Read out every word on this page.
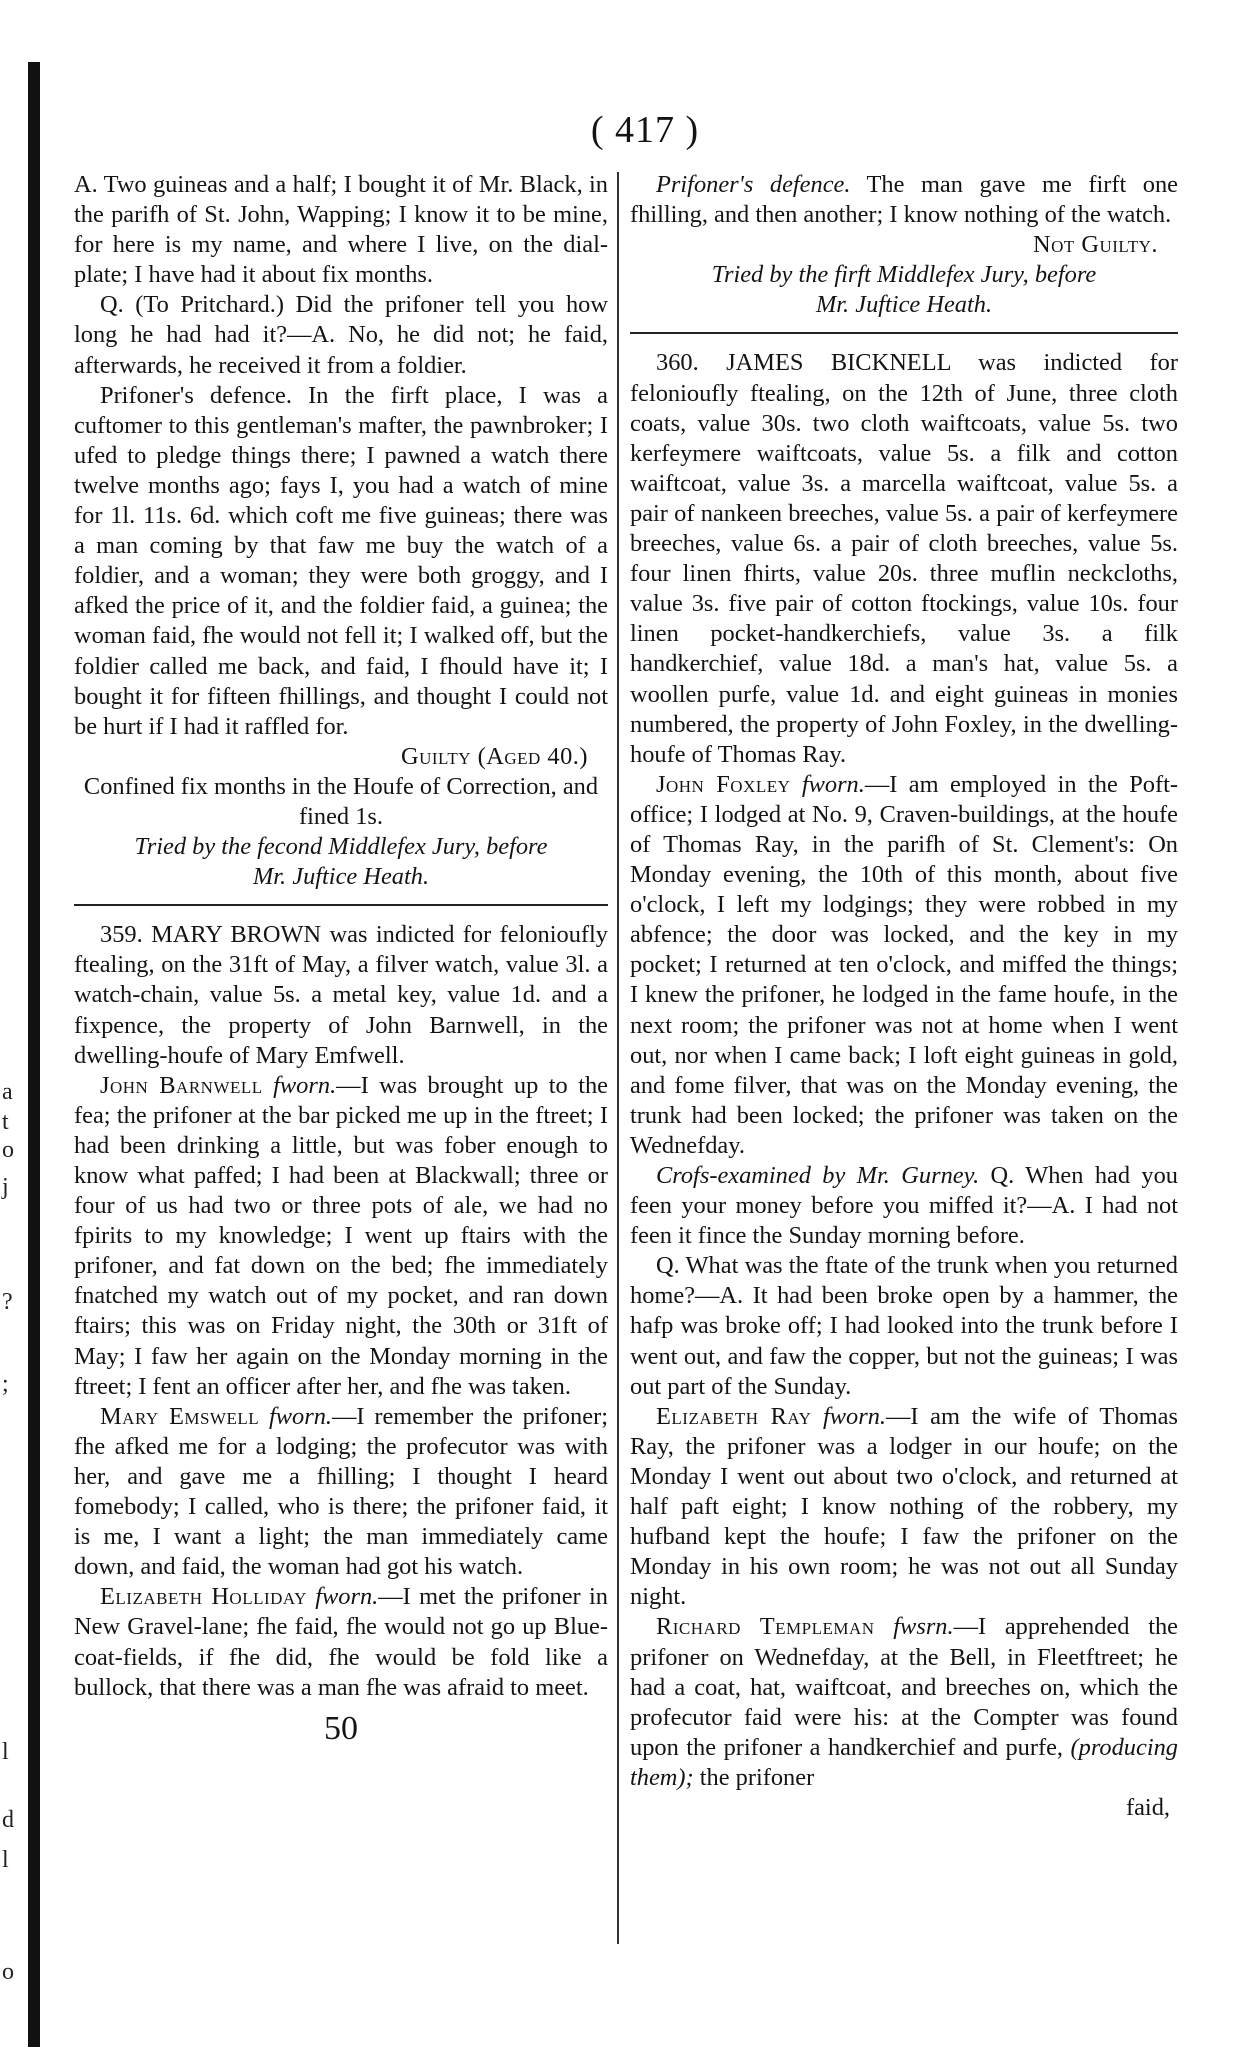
a
t
o
j
?
;
l
d
l
o
( 417 )

A. Two guineas and a half; I bought it of Mr. Black, in the parifh of St. John, Wapping; I know it to be mine, for here is my name, and where I live, on the dial-plate; I have had it about fix months.

Q. (To Pritchard.) Did the prifoner tell you how long he had had it?—A. No, he did not; he faid, afterwards, he received it from a foldier.

Prifoner's defence. In the firft place, I was a cuftomer to this gentleman's mafter, the pawnbroker; I ufed to pledge things there; I pawned a watch there twelve months ago; fays I, you had a watch of mine for 1l. 11s. 6d. which coft me five guineas; there was a man coming by that faw me buy the watch of a foldier, and a woman; they were both groggy, and I afked the price of it, and the foldier faid, a guinea; the woman faid, fhe would not fell it; I walked off, but the foldier called me back, and faid, I fhould have it; I bought it for fifteen fhillings, and thought I could not be hurt if I had it raffled for.

Guilty (Aged 40.)

Confined fix months in the Houfe of Correction, and fined 1s.

Tried by the fecond Middlefex Jury, before

Mr. Juftice Heath.

359. MARY BROWN was indicted for felonioufly ftealing, on the 31ft of May, a filver watch, value 3l. a watch-chain, value 5s. a metal key, value 1d. and a fixpence, the property of John Barnwell, in the dwelling-houfe of Mary Emfwell.

John Barnwell fworn.—I was brought up to the fea; the prifoner at the bar picked me up in the ftreet; I had been drinking a little, but was fober enough to know what paffed; I had been at Blackwall; three or four of us had two or three pots of ale, we had no fpirits to my knowledge; I went up ftairs with the prifoner, and fat down on the bed; fhe immediately fnatched my watch out of my pocket, and ran down ftairs; this was on Friday night, the 30th or 31ft of May; I faw her again on the Monday morning in the ftreet; I fent an officer after her, and fhe was taken.

Mary Emswell fworn.—I remember the prifoner; fhe afked me for a lodging; the profecutor was with her, and gave me a fhilling; I thought I heard fomebody; I called, who is there; the prifoner faid, it is me, I want a light; the man immediately came down, and faid, the woman had got his watch.

Elizabeth Holliday fworn.—I met the prifoner in New Gravel-lane; fhe faid, fhe would not go up Blue-coat-fields, if fhe did, fhe would be fold like a bullock, that there was a man fhe was afraid to meet.

50

Prifoner's defence. The man gave me firft one fhilling, and then another; I know nothing of the watch.

Not Guilty.

Tried by the firft Middlefex Jury, before

Mr. Juftice Heath.

360. JAMES BICKNELL was indicted for felonioufly ftealing, on the 12th of June, three cloth coats, value 30s. two cloth waiftcoats, value 5s. two kerfeymere waiftcoats, value 5s. a filk and cotton waiftcoat, value 3s. a marcella waiftcoat, value 5s. a pair of nankeen breeches, value 5s. a pair of kerfeymere breeches, value 6s. a pair of cloth breeches, value 5s. four linen fhirts, value 20s. three muflin neckcloths, value 3s. five pair of cotton ftockings, value 10s. four linen pocket-handkerchiefs, value 3s. a filk handkerchief, value 18d. a man's hat, value 5s. a woollen purfe, value 1d. and eight guineas in monies numbered, the property of John Foxley, in the dwelling-houfe of Thomas Ray.

John Foxley fworn.—I am employed in the Poft-office; I lodged at No. 9, Craven-buildings, at the houfe of Thomas Ray, in the parifh of St. Clement's: On Monday evening, the 10th of this month, about five o'clock, I left my lodgings; they were robbed in my abfence; the door was locked, and the key in my pocket; I returned at ten o'clock, and miffed the things; I knew the prifoner, he lodged in the fame houfe, in the next room; the prifoner was not at home when I went out, nor when I came back; I loft eight guineas in gold, and fome filver, that was on the Monday evening, the trunk had been locked; the prifoner was taken on the Wednefday.

Crofs-examined by Mr. Gurney. Q. When had you feen your money before you miffed it?—A. I had not feen it fince the Sunday morning before.

Q. What was the ftate of the trunk when you returned home?—A. It had been broke open by a hammer, the hafp was broke off; I had looked into the trunk before I went out, and faw the copper, but not the guineas; I was out part of the Sunday.

Elizabeth Ray fworn.—I am the wife of Thomas Ray, the prifoner was a lodger in our houfe; on the Monday I went out about two o'clock, and returned at half paft eight; I know nothing of the robbery, my hufband kept the houfe; I faw the prifoner on the Monday in his own room; he was not out all Sunday night.

Richard Templeman fwsrn.—I apprehended the prifoner on Wednefday, at the Bell, in Fleetftreet; he had a coat, hat, waiftcoat, and breeches on, which the profecutor faid were his: at the Compter was found upon the prifoner a handkerchief and purfe, (producing them); the prifoner

faid,
